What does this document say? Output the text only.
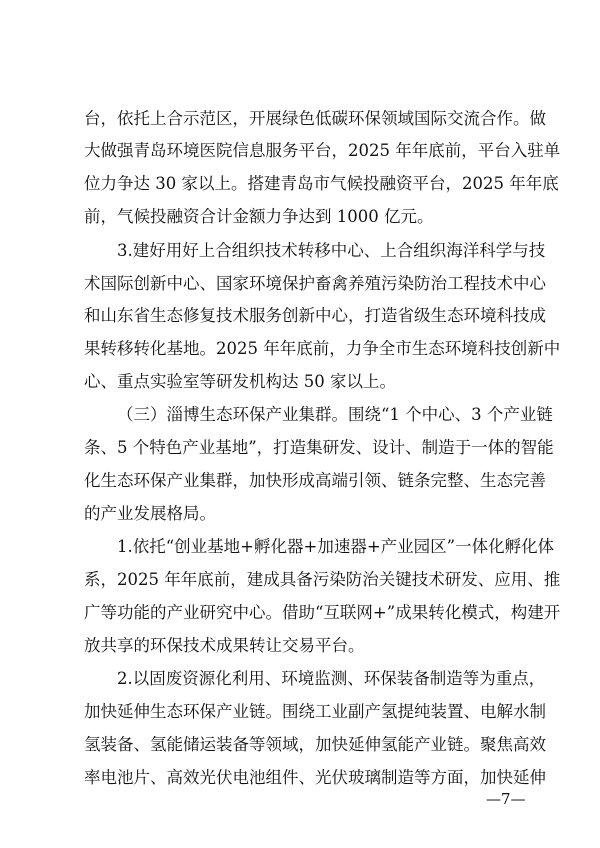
台，依托上合示范区，开展绿色低碳环保领域国际交流合作。做
大做强青岛环境医院信息服务平台，2025 年年底前，平台入驻单
位力争达 30 家以上。搭建青岛市气候投融资平台，2025 年年底
前，气候投融资合计金额力争达到 1000 亿元。
3.建好用好上合组织技术转移中心、上合组织海洋科学与技
术国际创新中心、国家环境保护畜禽养殖污染防治工程技术中心
和山东省生态修复技术服务创新中心，打造省级生态环境科技成
果转移转化基地。2025 年年底前，力争全市生态环境科技创新中
心、重点实验室等研发机构达 50 家以上。
（三）淄博生态环保产业集群。围绕“1 个中心、3 个产业链
条、5 个特色产业基地”，打造集研发、设计、制造于一体的智能
化生态环保产业集群，加快形成高端引领、链条完整、生态完善
的产业发展格局。
1.依托“创业基地+孵化器+加速器+产业园区”一体化孵化体
系，2025 年年底前，建成具备污染防治关键技术研发、应用、推
广等功能的产业研究中心。借助“互联网+”成果转化模式，构建开
放共享的环保技术成果转让交易平台。
2.以固废资源化利用、环境监测、环保装备制造等为重点，
加快延伸生态环保产业链。围绕工业副产氢提纯装置、电解水制
氢装备、氢能储运装备等领域，加快延伸氢能产业链。聚焦高效
率电池片、高效光伏电池组件、光伏玻璃制造等方面，加快延伸
—7—
